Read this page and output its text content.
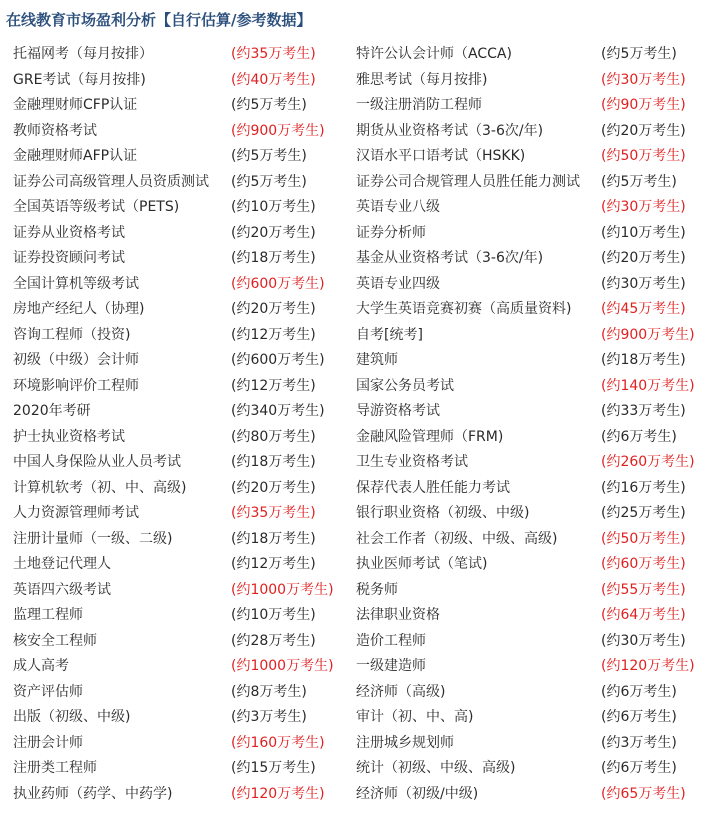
在线教育市场盈利分析【自行估算/参考数据】
托福网考（每月按排）	(约35万考生)	特许公认会计师（ACCA)	(约5万考生)
GRE考试（每月按排)	(约40万考生)	雅思考试（每月按排)	(约30万考生)
金融理财师CFP认证	(约5万考生)	一级注册消防工程师	(约90万考生)
教师资格考试	(约900万考生) 期货从业资格考试（3-6次/年)	(约20万考生)
金融理财师AFP认证	(约5万考生)	汉语水平口语考试（HSKK)	(约50万考生)
证券公司高级管理人员资质测试 (约5万考生)	证券公司合规管理人员胜任能力测试 (约5万考生)
全国英语等级考试（PETS)	(约10万考生)	英语专业八级	(约30万考生)
证券从业资格考试	(约20万考生)	证券分析师	(约10万考生)
证券投资顾问考试	(约18万考生)	基金从业资格考试（3-6次/年)	(约20万考生)
全国计算机等级考试	(约600万考生) 英语专业四级	(约30万考生)
房地产经纪人（协理)	(约20万考生)	大学生英语竞赛初赛（高质量资料) (约45万考生)
咨询工程师（投资)	(约12万考生)	自考[统考]	(约900万考生)
初级（中级）会计师	(约600万考生) 建筑师	(约18万考生)
环境影响评价工程师	(约12万考生)	国家公务员考试	(约140万考生)
2020年考研	(约340万考生) 导游资格考试	(约33万考生)
护士执业资格考试	(约80万考生)	金融风险管理师（FRM)	(约6万考生)
中国人身保险从业人员考试	(约18万考生)	卫生专业资格考试	(约260万考生)
计算机软考（初、中、高级)	(约20万考生)	保荐代表人胜任能力考试	(约16万考生)
人力资源管理师考试	(约35万考生)	银行职业资格（初级、中级)	(约25万考生)
注册计量师（一级、二级)	(约18万考生)	社会工作者（初级、中级、高级)	(约50万考生)
土地登记代理人	(约12万考生)	执业医师考试（笔试)	(约60万考生)
英语四六级考试	(约1000万考生) 税务师	(约55万考生)
监理工程师	(约10万考生)	法律职业资格	(约64万考生)
核安全工程师	(约28万考生)	造价工程师	(约30万考生)
成人高考	(约1000万考生) 一级建造师	(约120万考生)
资产评估师	(约8万考生)	经济师（高级)	(约6万考生)
出版（初级、中级)	(约3万考生)	审计（初、中、高)	(约6万考生)
注册会计师	(约160万考生) 注册城乡规划师	(约3万考生)
注册类工程师	(约15万考生)	统计（初级、中级、高级)	(约6万考生)
执业药师（药学、中药学)	(约120万考生) 经济师（初级/中级)	(约65万考生)
